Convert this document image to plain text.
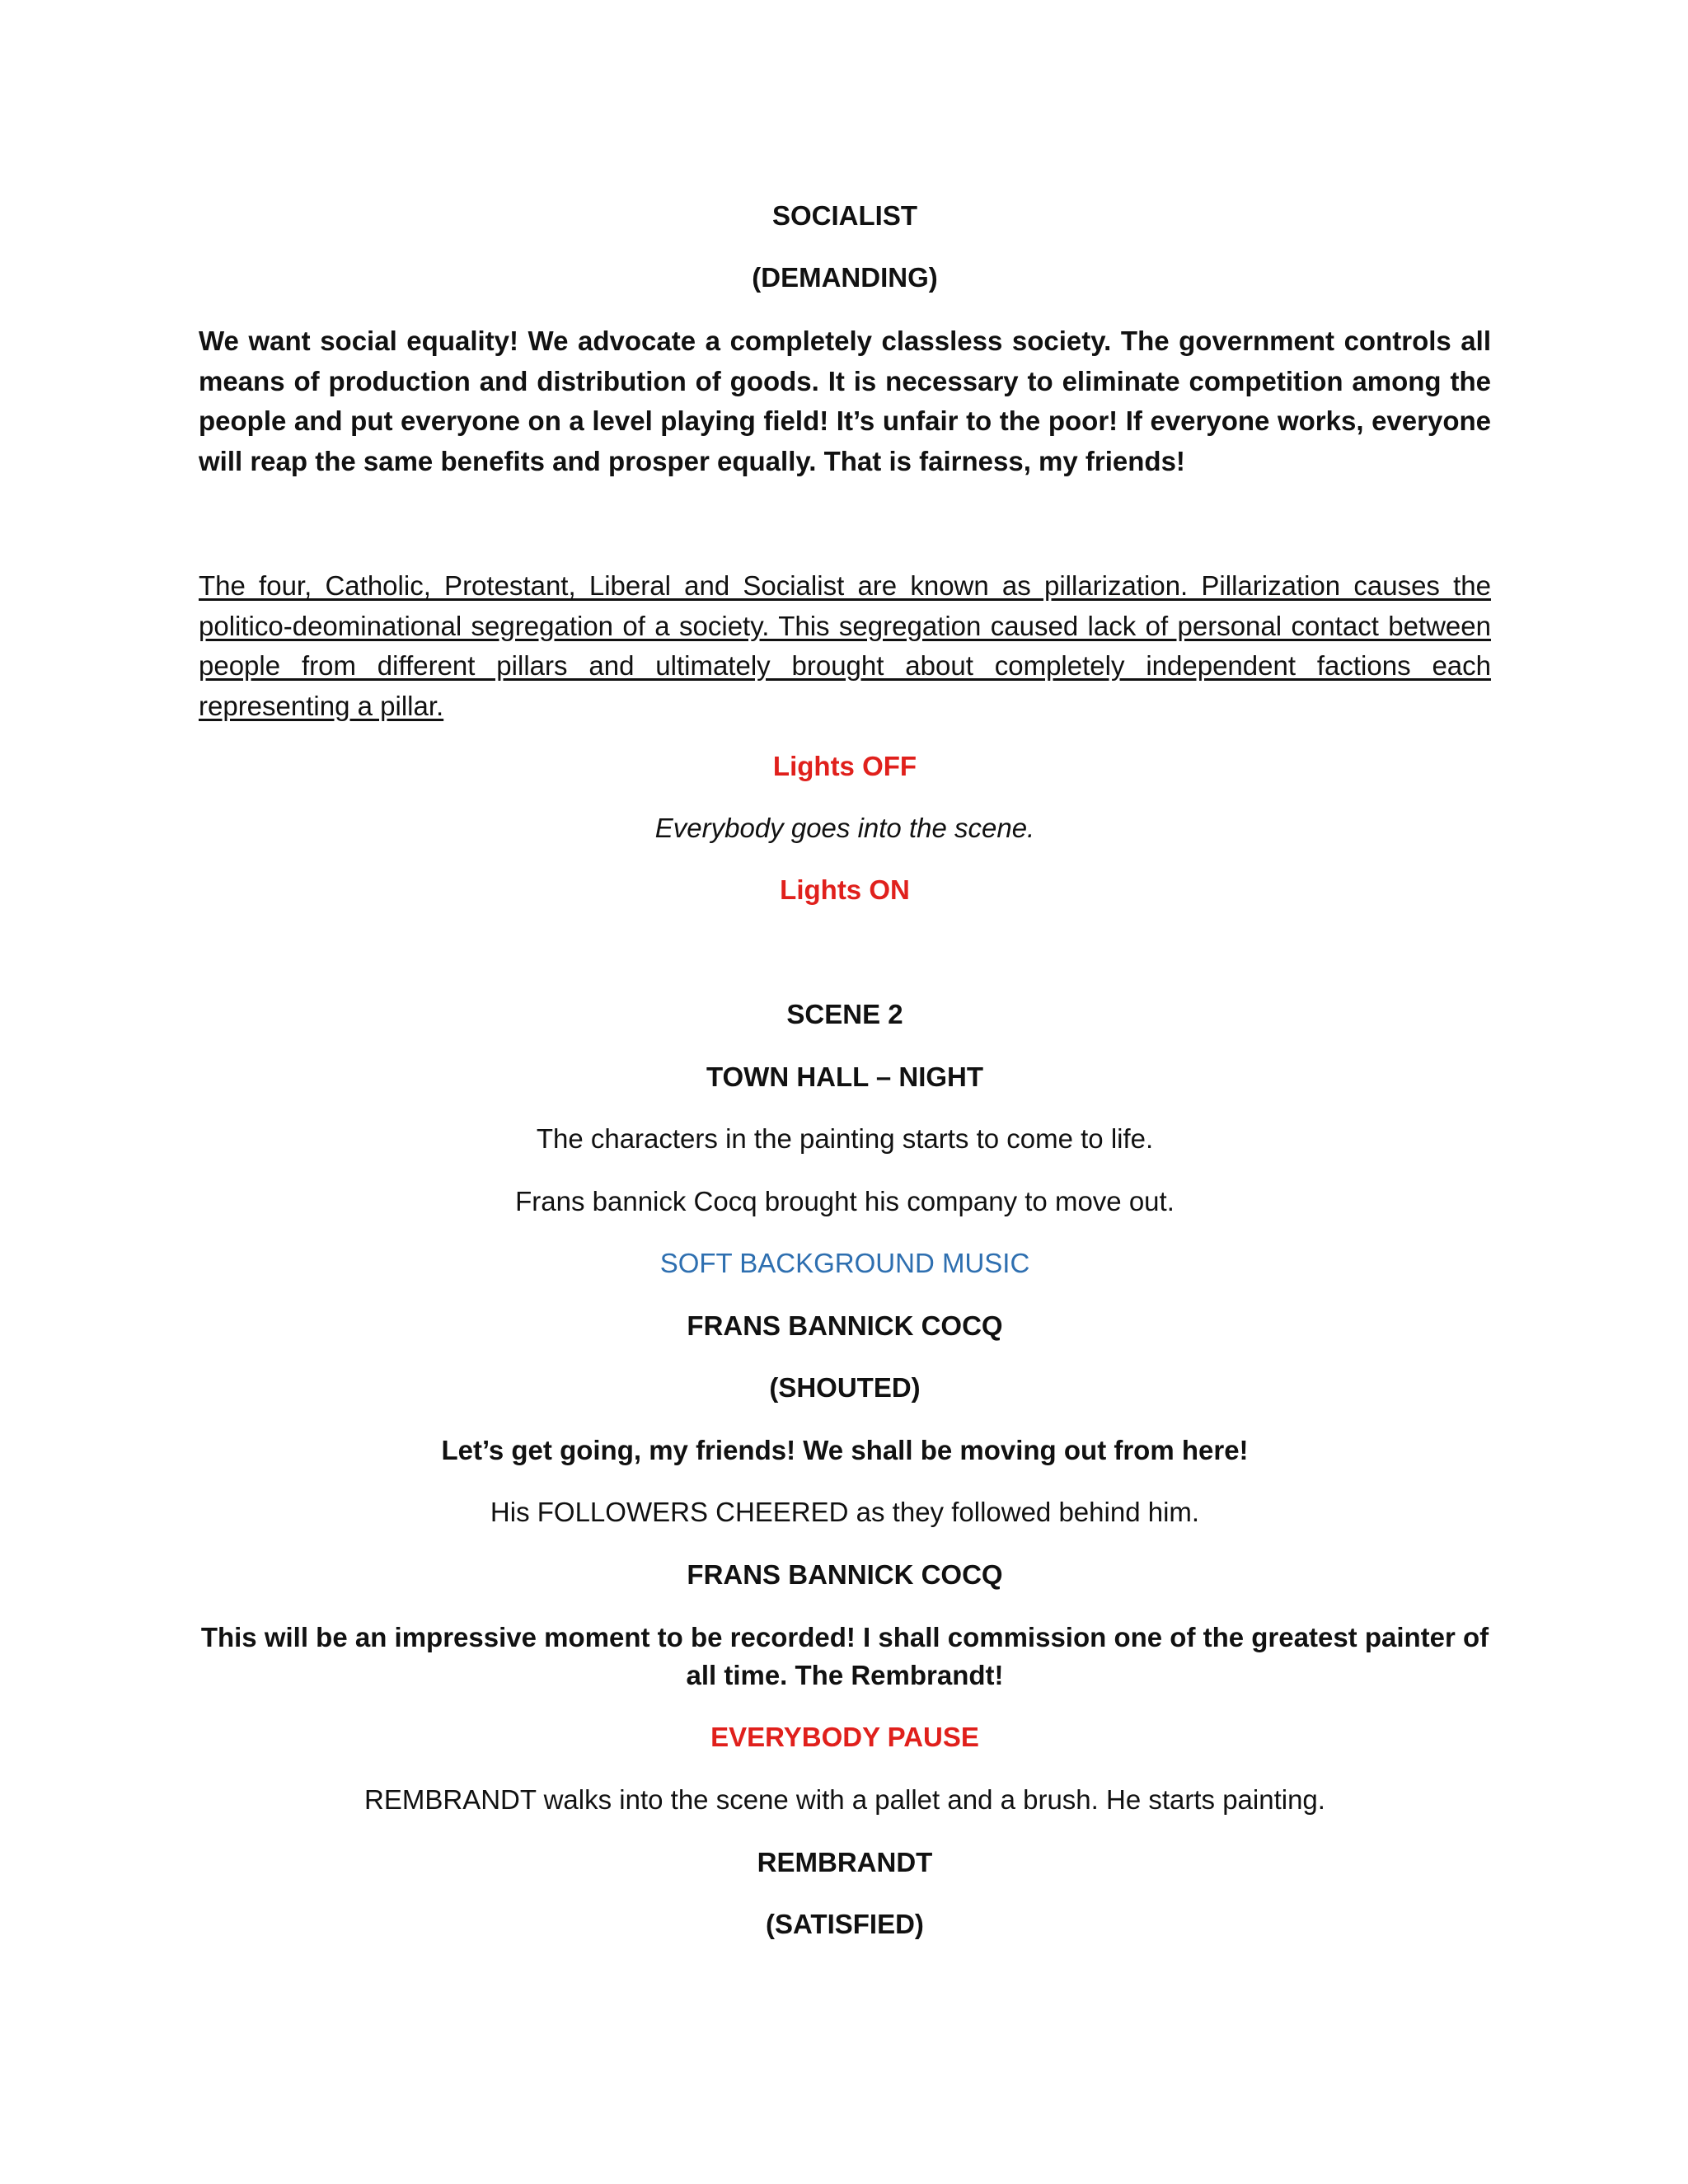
SOCIALIST
(DEMANDING)
We want social equality! We advocate a completely classless society. The government controls all means of production and distribution of goods. It is necessary to eliminate competition among the people and put everyone on a level playing field! It’s unfair to the poor! If everyone works, everyone will reap the same benefits and prosper equally. That is fairness, my friends!
The four, Catholic, Protestant, Liberal and Socialist are known as pillarization. Pillarization causes the politico-deominational segregation of a society. This segregation caused lack of personal contact between people from different pillars and ultimately brought about completely independent factions each representing a pillar.
Lights OFF
Everybody goes into the scene.
Lights ON
SCENE 2
TOWN HALL – NIGHT
The characters in the painting starts to come to life.
Frans bannick Cocq brought his company to move out.
SOFT BACKGROUND MUSIC
FRANS BANNICK COCQ
(SHOUTED)
Let’s get going, my friends! We shall be moving out from here!
His FOLLOWERS CHEERED as they followed behind him.
FRANS BANNICK COCQ
This will be an impressive moment to be recorded! I shall commission one of the greatest painter of all time. The Rembrandt!
EVERYBODY PAUSE
REMBRANDT walks into the scene with a pallet and a brush. He starts painting.
REMBRANDT
(SATISFIED)
